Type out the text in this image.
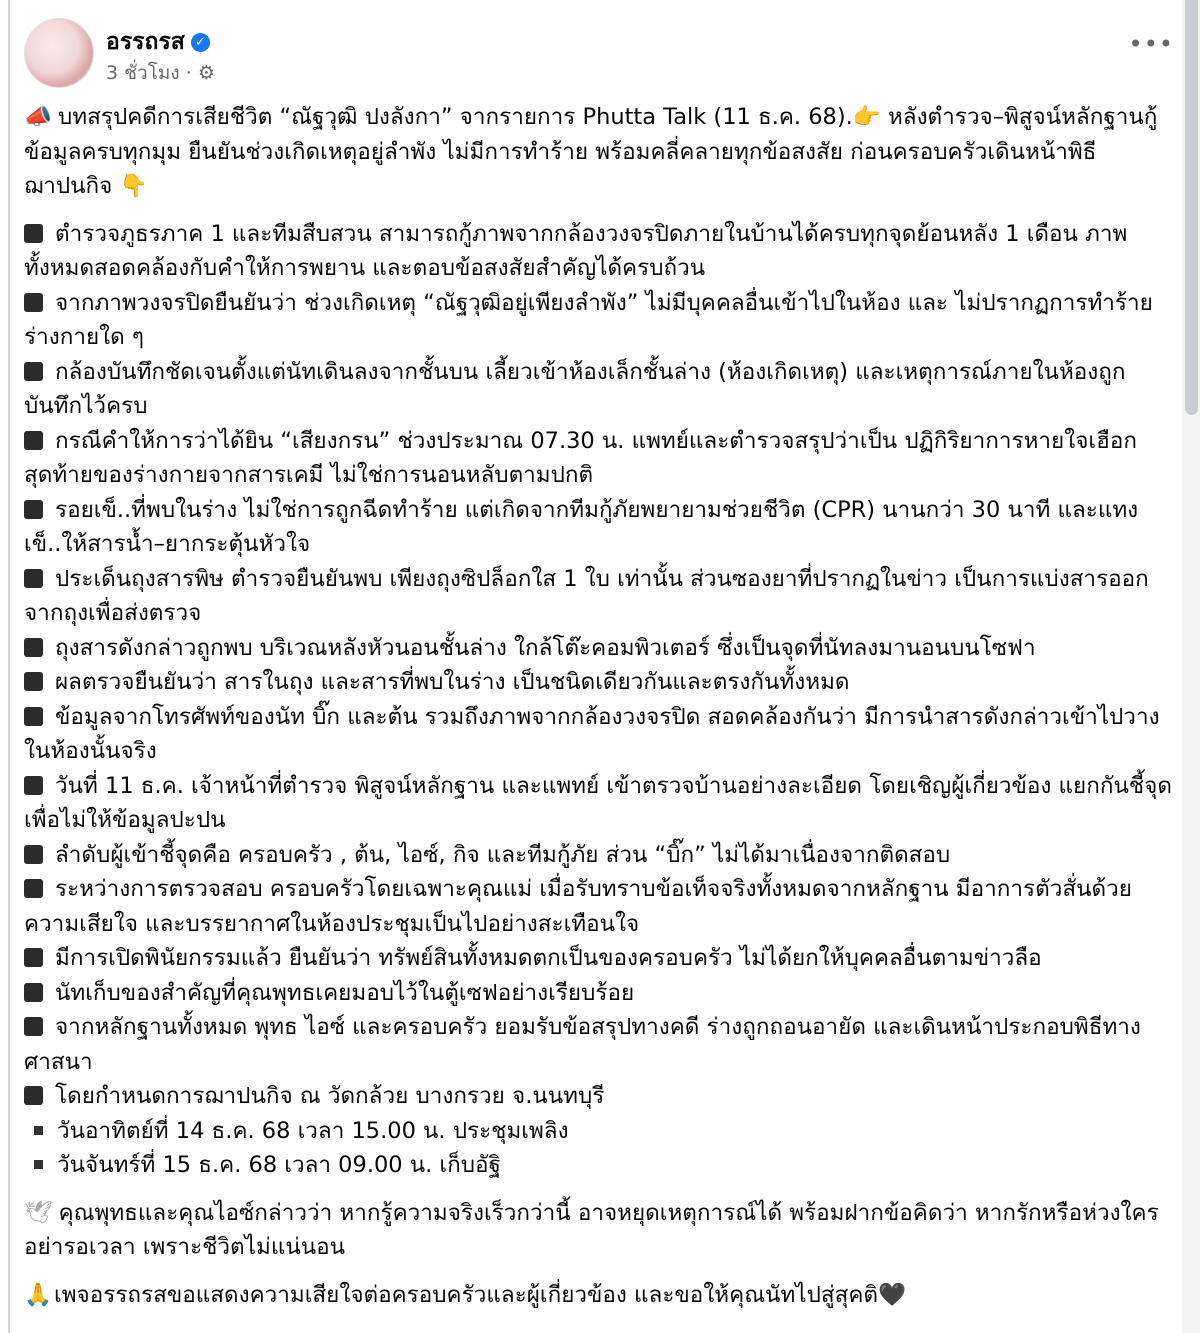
อรรถรส ✓
3 ชั่วโมง · ⚙
•••

📣 บทสรุปคดีการเสียชีวิต “ณัฐวุฒิ ปงลังกา” จากรายการ Phutta Talk (11 ธ.ค. 68).👉 หลังตำรวจ–พิสูจน์หลักฐานกู้ข้อมูลครบทุกมุม ยืนยันช่วงเกิดเหตุอยู่ลำพัง ไม่มีการทำร้าย พร้อมคลี่คลายทุกข้อสงสัย ก่อนครอบครัวเดินหน้าพิธีฌาปนกิจ 👇

ตำรวจภูธรภาค 1 และทีมสืบสวน สามารถกู้ภาพจากกล้องวงจรปิดภายในบ้านได้ครบทุกจุดย้อนหลัง 1 เดือน ภาพทั้งหมดสอดคล้องกับคำให้การพยาน และตอบข้อสงสัยสำคัญได้ครบถ้วน
จากภาพวงจรปิดยืนยันว่า ช่วงเกิดเหตุ “ณัฐวุฒิอยู่เพียงลำพัง” ไม่มีบุคคลอื่นเข้าไปในห้อง และ ไม่ปรากฏการทำร้ายร่างกายใด ๆ
กล้องบันทึกชัดเจนตั้งแต่นัทเดินลงจากชั้นบน เลี้ยวเข้าห้องเล็กชั้นล่าง (ห้องเกิดเหตุ) และเหตุการณ์ภายในห้องถูกบันทึกไว้ครบ
กรณีคำให้การว่าได้ยิน “เสียงกรน” ช่วงประมาณ 07.30 น. แพทย์และตำรวจสรุปว่าเป็น ปฏิกิริยาการหายใจเฮือกสุดท้ายของร่างกายจากสารเคมี ไม่ใช่การนอนหลับตามปกติ
รอยเข็..ที่พบในร่าง ไม่ใช่การถูกฉีดทำร้าย แต่เกิดจากทีมกู้ภัยพยายามช่วยชีวิต (CPR) นานกว่า 30 นาที และแทงเข็..ให้สารน้ำ–ยากระตุ้นหัวใจ
ประเด็นถุงสารพิษ ตำรวจยืนยันพบ เพียงถุงซิปล็อกใส 1 ใบ เท่านั้น ส่วนซองยาที่ปรากฏในข่าว เป็นการแบ่งสารออกจากถุงเพื่อส่งตรวจ
ถุงสารดังกล่าวถูกพบ บริเวณหลังหัวนอนชั้นล่าง ใกล้โต๊ะคอมพิวเตอร์ ซึ่งเป็นจุดที่นัทลงมานอนบนโซฟา
ผลตรวจยืนยันว่า สารในถุง และสารที่พบในร่าง เป็นชนิดเดียวกันและตรงกันทั้งหมด
ข้อมูลจากโทรศัพท์ของนัท บิ๊ก และต้น รวมถึงภาพจากกล้องวงจรปิด สอดคล้องกันว่า มีการนำสารดังกล่าวเข้าไปวางในห้องนั้นจริง
วันที่ 11 ธ.ค. เจ้าหน้าที่ตำรวจ พิสูจน์หลักฐาน และแพทย์ เข้าตรวจบ้านอย่างละเอียด โดยเชิญผู้เกี่ยวข้อง แยกกันชี้จุด เพื่อไม่ให้ข้อมูลปะปน
ลำดับผู้เข้าชี้จุดคือ ครอบครัว , ต้น, ไอซ์, กิจ และทีมกู้ภัย ส่วน “บิ๊ก” ไม่ได้มาเนื่องจากติดสอบ
ระหว่างการตรวจสอบ ครอบครัวโดยเฉพาะคุณแม่ เมื่อรับทราบข้อเท็จจริงทั้งหมดจากหลักฐาน มีอาการตัวสั่นด้วยความเสียใจ และบรรยากาศในห้องประชุมเป็นไปอย่างสะเทือนใจ
มีการเปิดพินัยกรรมแล้ว ยืนยันว่า ทรัพย์สินทั้งหมดตกเป็นของครอบครัว ไม่ได้ยกให้บุคคลอื่นตามข่าวลือ
นัทเก็บของสำคัญที่คุณพุทธเคยมอบไว้ในตู้เซฟอย่างเรียบร้อย
จากหลักฐานทั้งหมด พุทธ ไอซ์ และครอบครัว ยอมรับข้อสรุปทางคดี ร่างถูกถอนอายัด และเดินหน้าประกอบพิธีทางศาสนา
โดยกำหนดการฌาปนกิจ ณ วัดกล้วย บางกรวย จ.นนทบุรี
วันอาทิตย์ที่ 14 ธ.ค. 68 เวลา 15.00 น. ประชุมเพลิง
วันจันทร์ที่ 15 ธ.ค. 68 เวลา 09.00 น. เก็บอัฐิ

🕊 คุณพุทธและคุณไอซ์กล่าวว่า หากรู้ความจริงเร็วกว่านี้ อาจหยุดเหตุการณ์ได้ พร้อมฝากข้อคิดว่า หากรักหรือห่วงใคร อย่ารอเวลา เพราะชีวิตไม่แน่นอน

🙏เพจอรรถรสขอแสดงความเสียใจต่อครอบครัวและผู้เกี่ยวข้อง และขอให้คุณนัทไปสู่สุคติ🖤
